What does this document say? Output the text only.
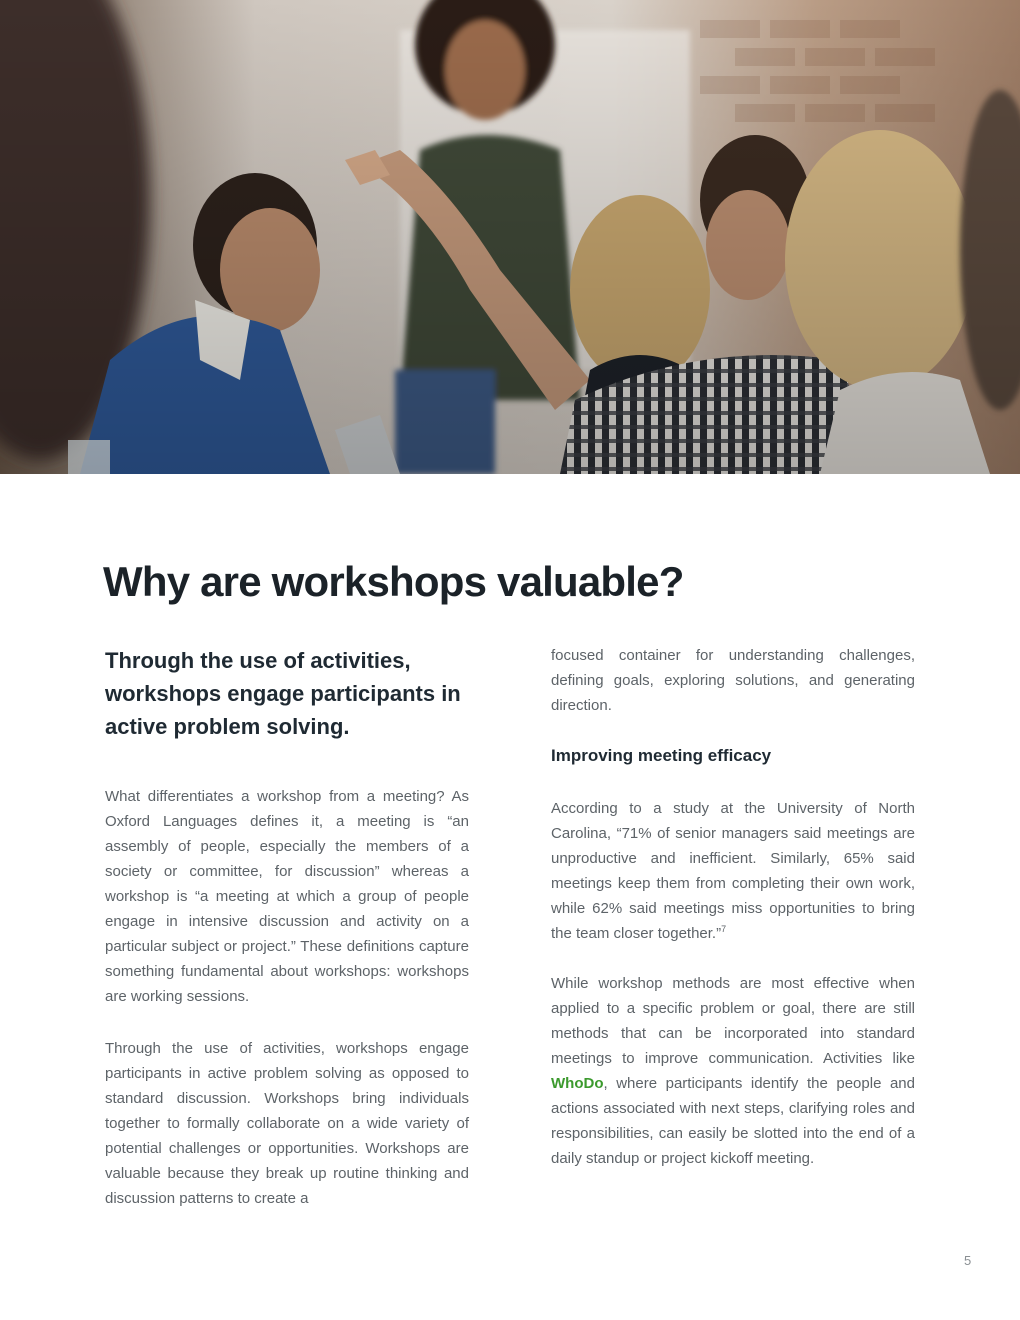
Why are workshops valuable?

Through the use of activities, workshops engage participants in active problem solving.

What differentiates a workshop from a meeting? As Oxford Languages defines it, a meeting is “an assembly of people, especially the members of a society or committee, for discussion” whereas a workshop is “a meeting at which a group of people engage in intensive discussion and activity on a particular subject or project.” These definitions capture something fundamental about workshops: workshops are working sessions.

Through the use of activities, workshops engage participants in active problem solving as opposed to standard discussion. Workshops bring individuals together to formally collaborate on a wide variety of potential challenges or opportunities. Workshops are valuable because they break up routine thinking and discussion patterns to create a

focused container for understanding challenges, defining goals, exploring solutions, and generating direction.

Improving meeting efficacy

According to a study at the University of North Carolina, “71% of senior managers said meetings are unproductive and inefficient. Similarly, 65% said meetings keep them from completing their own work, while 62% said meetings miss opportunities to bring the team closer together.”$^7$

While workshop methods are most effective when applied to a specific problem or goal, there are still methods that can be incorporated into standard meetings to improve communication. Activities like WhoDo, where participants identify the people and actions associated with next steps, clarifying roles and responsibilities, can easily be slotted into the end of a daily standup or project kickoff meeting.

5
